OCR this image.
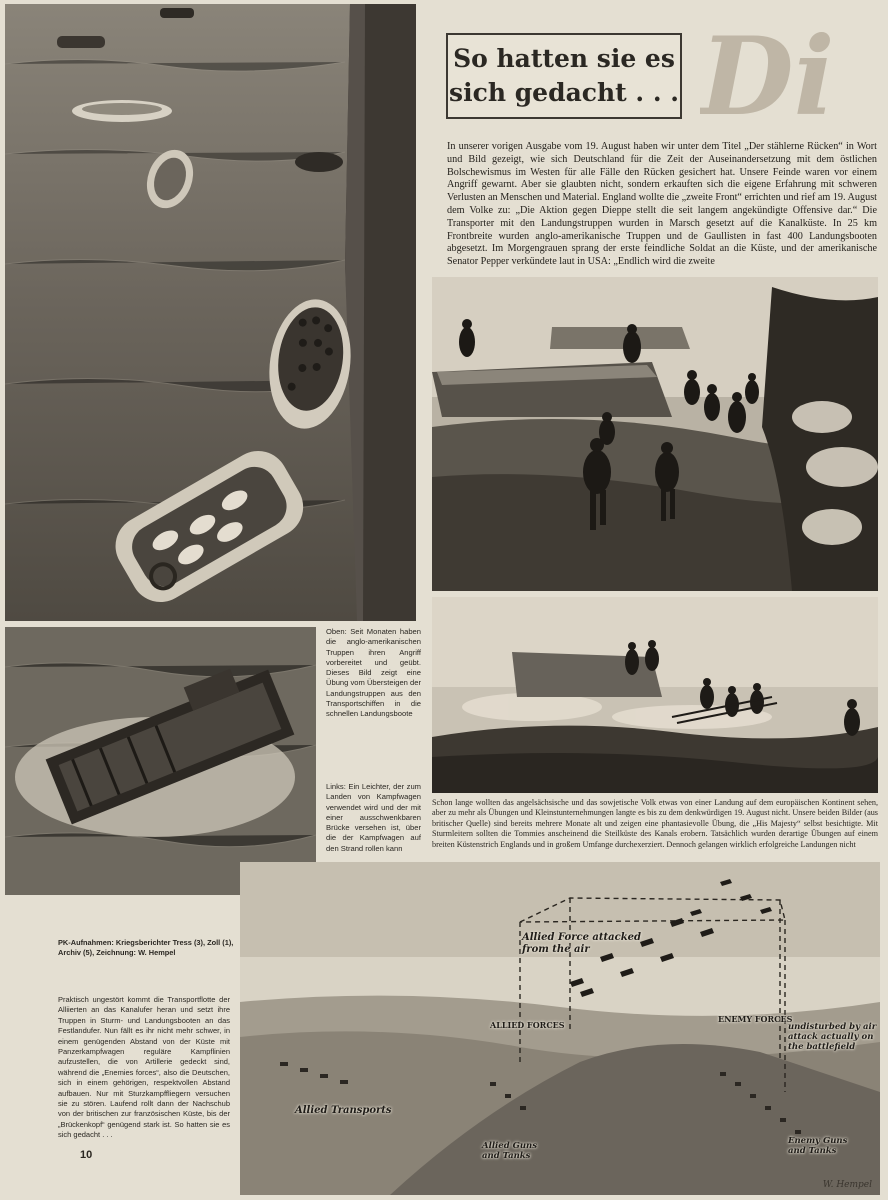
Allied Force attacked
from the air
ALLIED FORCES
ENEMY FORCES
undisturbed by air
attack actually on
the battlefield
Allied Transports
Allied Guns
and Tanks
Enemy Guns
and Tanks
W. Hempel
So hatten sie es
sich gedacht . . . Di
In unserer vorigen Ausgabe vom 19. August haben wir unter dem Titel „Der stählerne Rücken“ in Wort und Bild gezeigt, wie sich Deutschland für die Zeit der Auseinandersetzung mit dem östlichen Bolschewismus im Westen für alle Fälle den Rücken gesichert hat. Unsere Feinde waren vor einem Angriff gewarnt. Aber sie glaubten nicht, sondern erkauften sich die eigene Erfahrung mit schweren Verlusten an Menschen und Material. England wollte die „zweite Front“ errichten und rief am 19. August dem Volke zu: „Die Aktion gegen Dieppe stellt die seit langem angekündigte Offensive dar.“ Die Transporter mit den Landungstruppen wurden in Marsch gesetzt auf die Kanalküste. In 25 km Frontbreite wurden anglo-amerikanische Truppen und de Gaullisten in fast 400 Landungsbooten abgesetzt. Im Morgengrauen sprang der erste feindliche Soldat an die Küste, und der amerikanische Senator Pepper verkündete laut in USA: „Endlich wird die zweite
Oben: Seit Monaten haben die anglo-amerikanischen Truppen ihren Angriff vorbereitet und geübt. Dieses Bild zeigt eine Übung vom Übersteigen der Landungstruppen aus den Transportschiffen in die schnellen Landungsboote
Links: Ein Leichter, der zum Landen von Kampfwagen verwendet wird und der mit einer ausschwenkbaren Brücke versehen ist, über die der Kampfwagen auf den Strand rollen kann
Schon lange wollten das angelsächsische und das sowjetische Volk etwas von einer Landung auf dem europäischen Kontinent sehen, aber zu mehr als Übungen und Kleinstunternehmungen langte es bis zu dem denkwürdigen 19. August nicht. Unsere beiden Bilder (aus britischer Quelle) sind bereits mehrere Monate alt und zeigen eine phantasievolle Übung, die „His Majesty“ selbst besichtigte. Mit Sturmleitern sollten die Tommies anscheinend die Steilküste des Kanals erobern. Tatsächlich wurden derartige Übungen auf einem breiten Küstenstrich Englands und in großem Umfange durchexerziert. Dennoch gelangen wirklich erfolgreiche Landungen nicht
PK-Aufnahmen: Kriegsberichter Tress (3), Zoll (1), Archiv (5), Zeichnung: W. Hempel
Praktisch ungestört kommt die Transportflotte der Alliierten an das Kanalufer heran und setzt ihre Truppen in Sturm- und Landungsbooten an das Festlandufer. Nun fällt es ihr nicht mehr schwer, in einem genügenden Abstand von der Küste mit Panzerkampfwagen reguläre Kampflinien aufzustellen, die von Artillerie gedeckt sind, während die „Enemies forces“, also die Deutschen, sich in einem gehörigen, respektvollen Abstand aufbauen. Nur mit Sturzkampffliegern versuchen sie zu stören. Laufend rollt dann der Nachschub von der britischen zur französischen Küste, bis der „Brückenkopf“ genügend stark ist. So hatten sie es sich gedacht . . .
10
